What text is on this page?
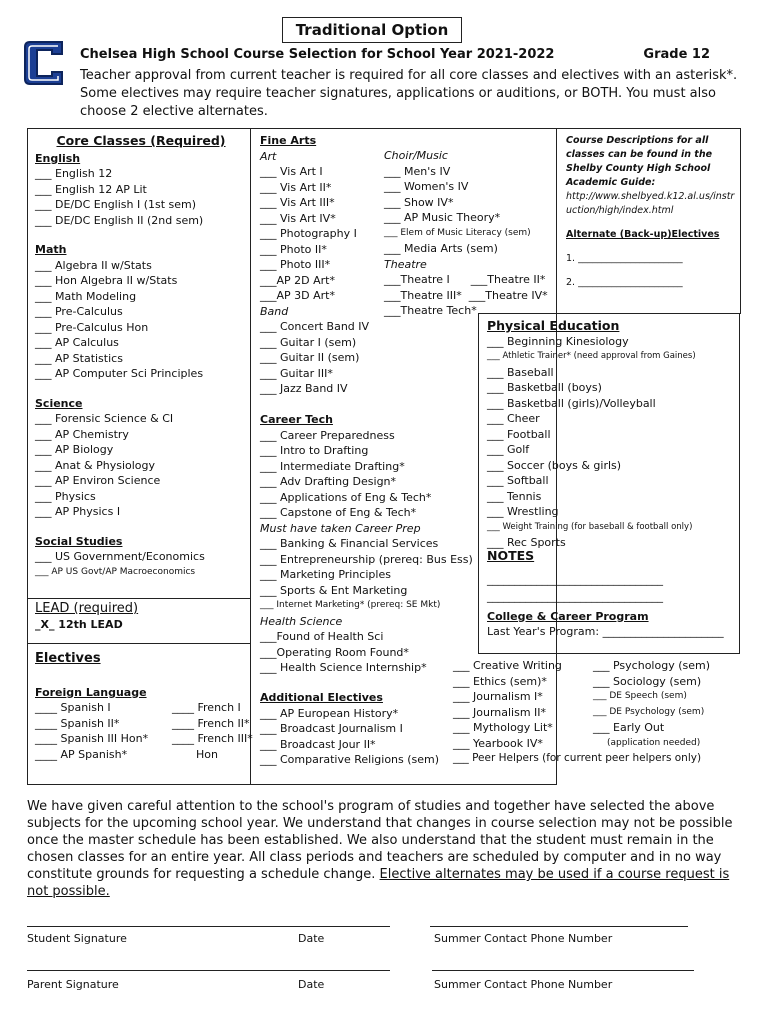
Traditional Option
Chelsea High School Course Selection for School Year 2021-2022	Grade 12
Teacher approval from current teacher is required for all core classes and electives with an asterisk*. Some electives may require teacher signatures, applications or auditions, or BOTH. You must also choose 2 elective alternates.
Core Classes (Required)
English
___ English 12
___ English 12 AP Lit
___ DE/DC English I (1st sem)
___ DE/DC English II (2nd sem)
Math
___ Algebra II w/Stats
___ Hon Algebra II w/Stats
___ Math Modeling
___ Pre-Calculus
___ Pre-Calculus Hon
___ AP Calculus
___ AP Statistics
___ AP Computer Sci Principles
Science
___ Forensic Science & CI
___ AP Chemistry
___ AP Biology
___ Anat & Physiology
___ AP Environ Science
___ Physics
___ AP Physics I
Social Studies
___ US Government/Economics
___ AP US Govt/AP Macroeconomics
LEAD (required)
_X_ 12th LEAD
Electives
Foreign Language
____ Spanish I
____ Spanish II*
____ Spanish III Hon*
____ AP Spanish*
____ French I
____ French II*
____ French III*
Hon
Fine Arts
Art
___ Vis Art I
___ Vis Art II*
___ Vis Art III*
___ Vis Art IV*
___ Photography I
___ Photo II*
___ Photo III*
___AP 2D Art*
___AP 3D Art*
Band
___ Concert Band IV
___ Guitar I (sem)
___ Guitar II (sem)
___ Guitar III*
___ Jazz Band IV
Choir/Music
___ Men's IV
___ Women's IV
___ Show IV*
___ AP Music Theory*
___ Elem of Music Literacy (sem)
___ Media Arts (sem)
Theatre
___Theatre I      ___Theatre II*
___Theatre III*  ___Theatre IV*
___Theatre Tech*
Career Tech
___ Career Preparedness
___ Intro to Drafting
___ Intermediate Drafting*
___ Adv Drafting Design*
___ Applications of Eng & Tech*
___ Capstone of Eng & Tech*
Must have taken Career Prep
___ Banking & Financial Services
___ Entrepreneurship (prereq: Bus Ess)
___ Marketing Principles
___ Sports & Ent Marketing
___ Internet Marketing* (prereq: SE Mkt)
Health Science
___Found of Health Sci
___Operating Room Found*
___ Health Science Internship*
Additional Electives
___ AP European History*
___ Broadcast Journalism I
___ Broadcast Jour II*
___ Comparative Religions (sem)
___ Creative Writing
___ Ethics (sem)*
___ Journalism I*
___ Journalism II*
___ Mythology Lit*
___ Yearbook IV*
___ Peer Helpers (for current peer helpers only)
___ Psychology (sem)
___ Sociology (sem)
___ DE Speech (sem)
___ DE Psychology (sem)
___ Early Out
(application needed)
Course Descriptions for all classes can be found in the Shelby County High School Academic Guide:
http://www.shelbyed.k12.al.us/instruction/high/index.html
Alternate (Back-up)Electives
1. ______________________
2. ______________________
Physical Education
___ Beginning Kinesiology
___ Athletic Trainer* (need approval from Gaines)
___ Baseball
___ Basketball (boys)
___ Basketball (girls)/Volleyball
___ Cheer
___ Football
___ Golf
___ Soccer (boys & girls)
___ Softball
___ Tennis
___ Wrestling
___ Weight Training (for baseball & football only)
___ Rec Sports
NOTES
________________________________
________________________________
College & Career Program
Last Year's Program: ______________________
We have given careful attention to the school's program of studies and together have selected the above subjects for the upcoming school year. We understand that changes in course selection may not be possible once the master schedule has been established. We also understand that the student must remain in the chosen classes for an entire year. All class periods and teachers are scheduled by computer and in no way constitute grounds for requesting a schedule change. Elective alternates may be used if a course request is not possible.
Student Signature	Date	Summer Contact Phone Number
Parent Signature	Date	Summer Contact Phone Number
